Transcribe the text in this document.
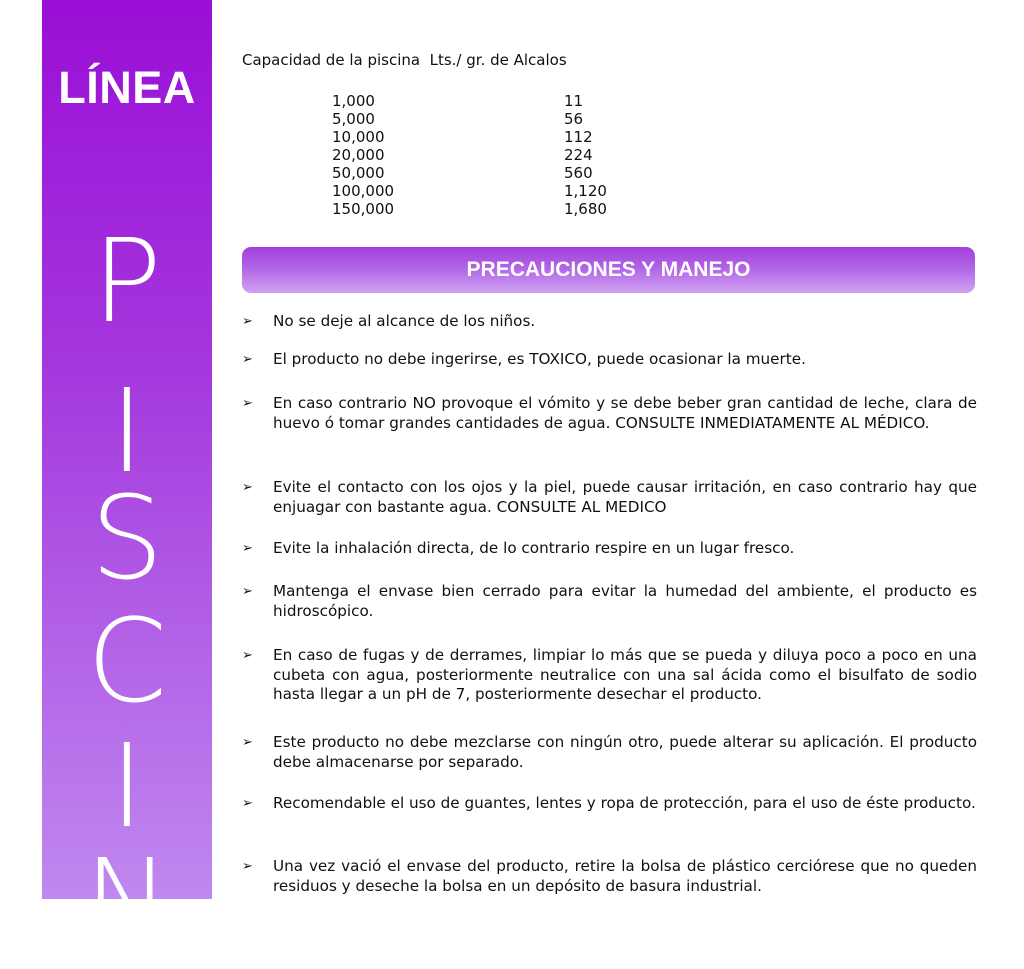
LÍNEA
P
I
S
C
I
N
Capacidad de la piscina  Lts./ gr. de Alcalos
1,000	11
5,000	56
10,000	112
20,000	224
50,000	560
100,000	1,120
150,000	1,680
PRECAUCIONES Y MANEJO
➢ No se deje al alcance de los niños.
➢ El producto no debe ingerirse, es TOXICO, puede ocasionar la muerte.
➢ En caso contrario NO provoque el vómito y se debe beber gran cantidad de leche, clara de huevo ó tomar grandes cantidades de agua. CONSULTE INMEDIATAMENTE AL MÉDICO.
➢ Evite el contacto con los ojos y la piel, puede causar irritación, en caso contrario hay que enjuagar con bastante agua. CONSULTE AL MEDICO
➢ Evite la inhalación directa, de lo contrario respire en un lugar fresco.
➢ Mantenga el envase bien cerrado para evitar la humedad del ambiente, el producto es hidroscópico.
➢ En caso de fugas y de derrames, limpiar lo más que se pueda y diluya poco a poco en una cubeta con agua, posteriormente neutralice con una sal ácida como el bisulfato de sodio hasta llegar a un pH de 7, posteriormente desechar el producto.
➢ Este producto no debe mezclarse con ningún otro, puede alterar su aplicación. El producto debe almacenarse por separado.
➢ Recomendable el uso de guantes, lentes y ropa de protección, para el uso de éste producto.
➢ Una vez vació el envase del producto, retire la bolsa de plástico cerciórese que no queden residuos y deseche la bolsa en un depósito de basura industrial.
